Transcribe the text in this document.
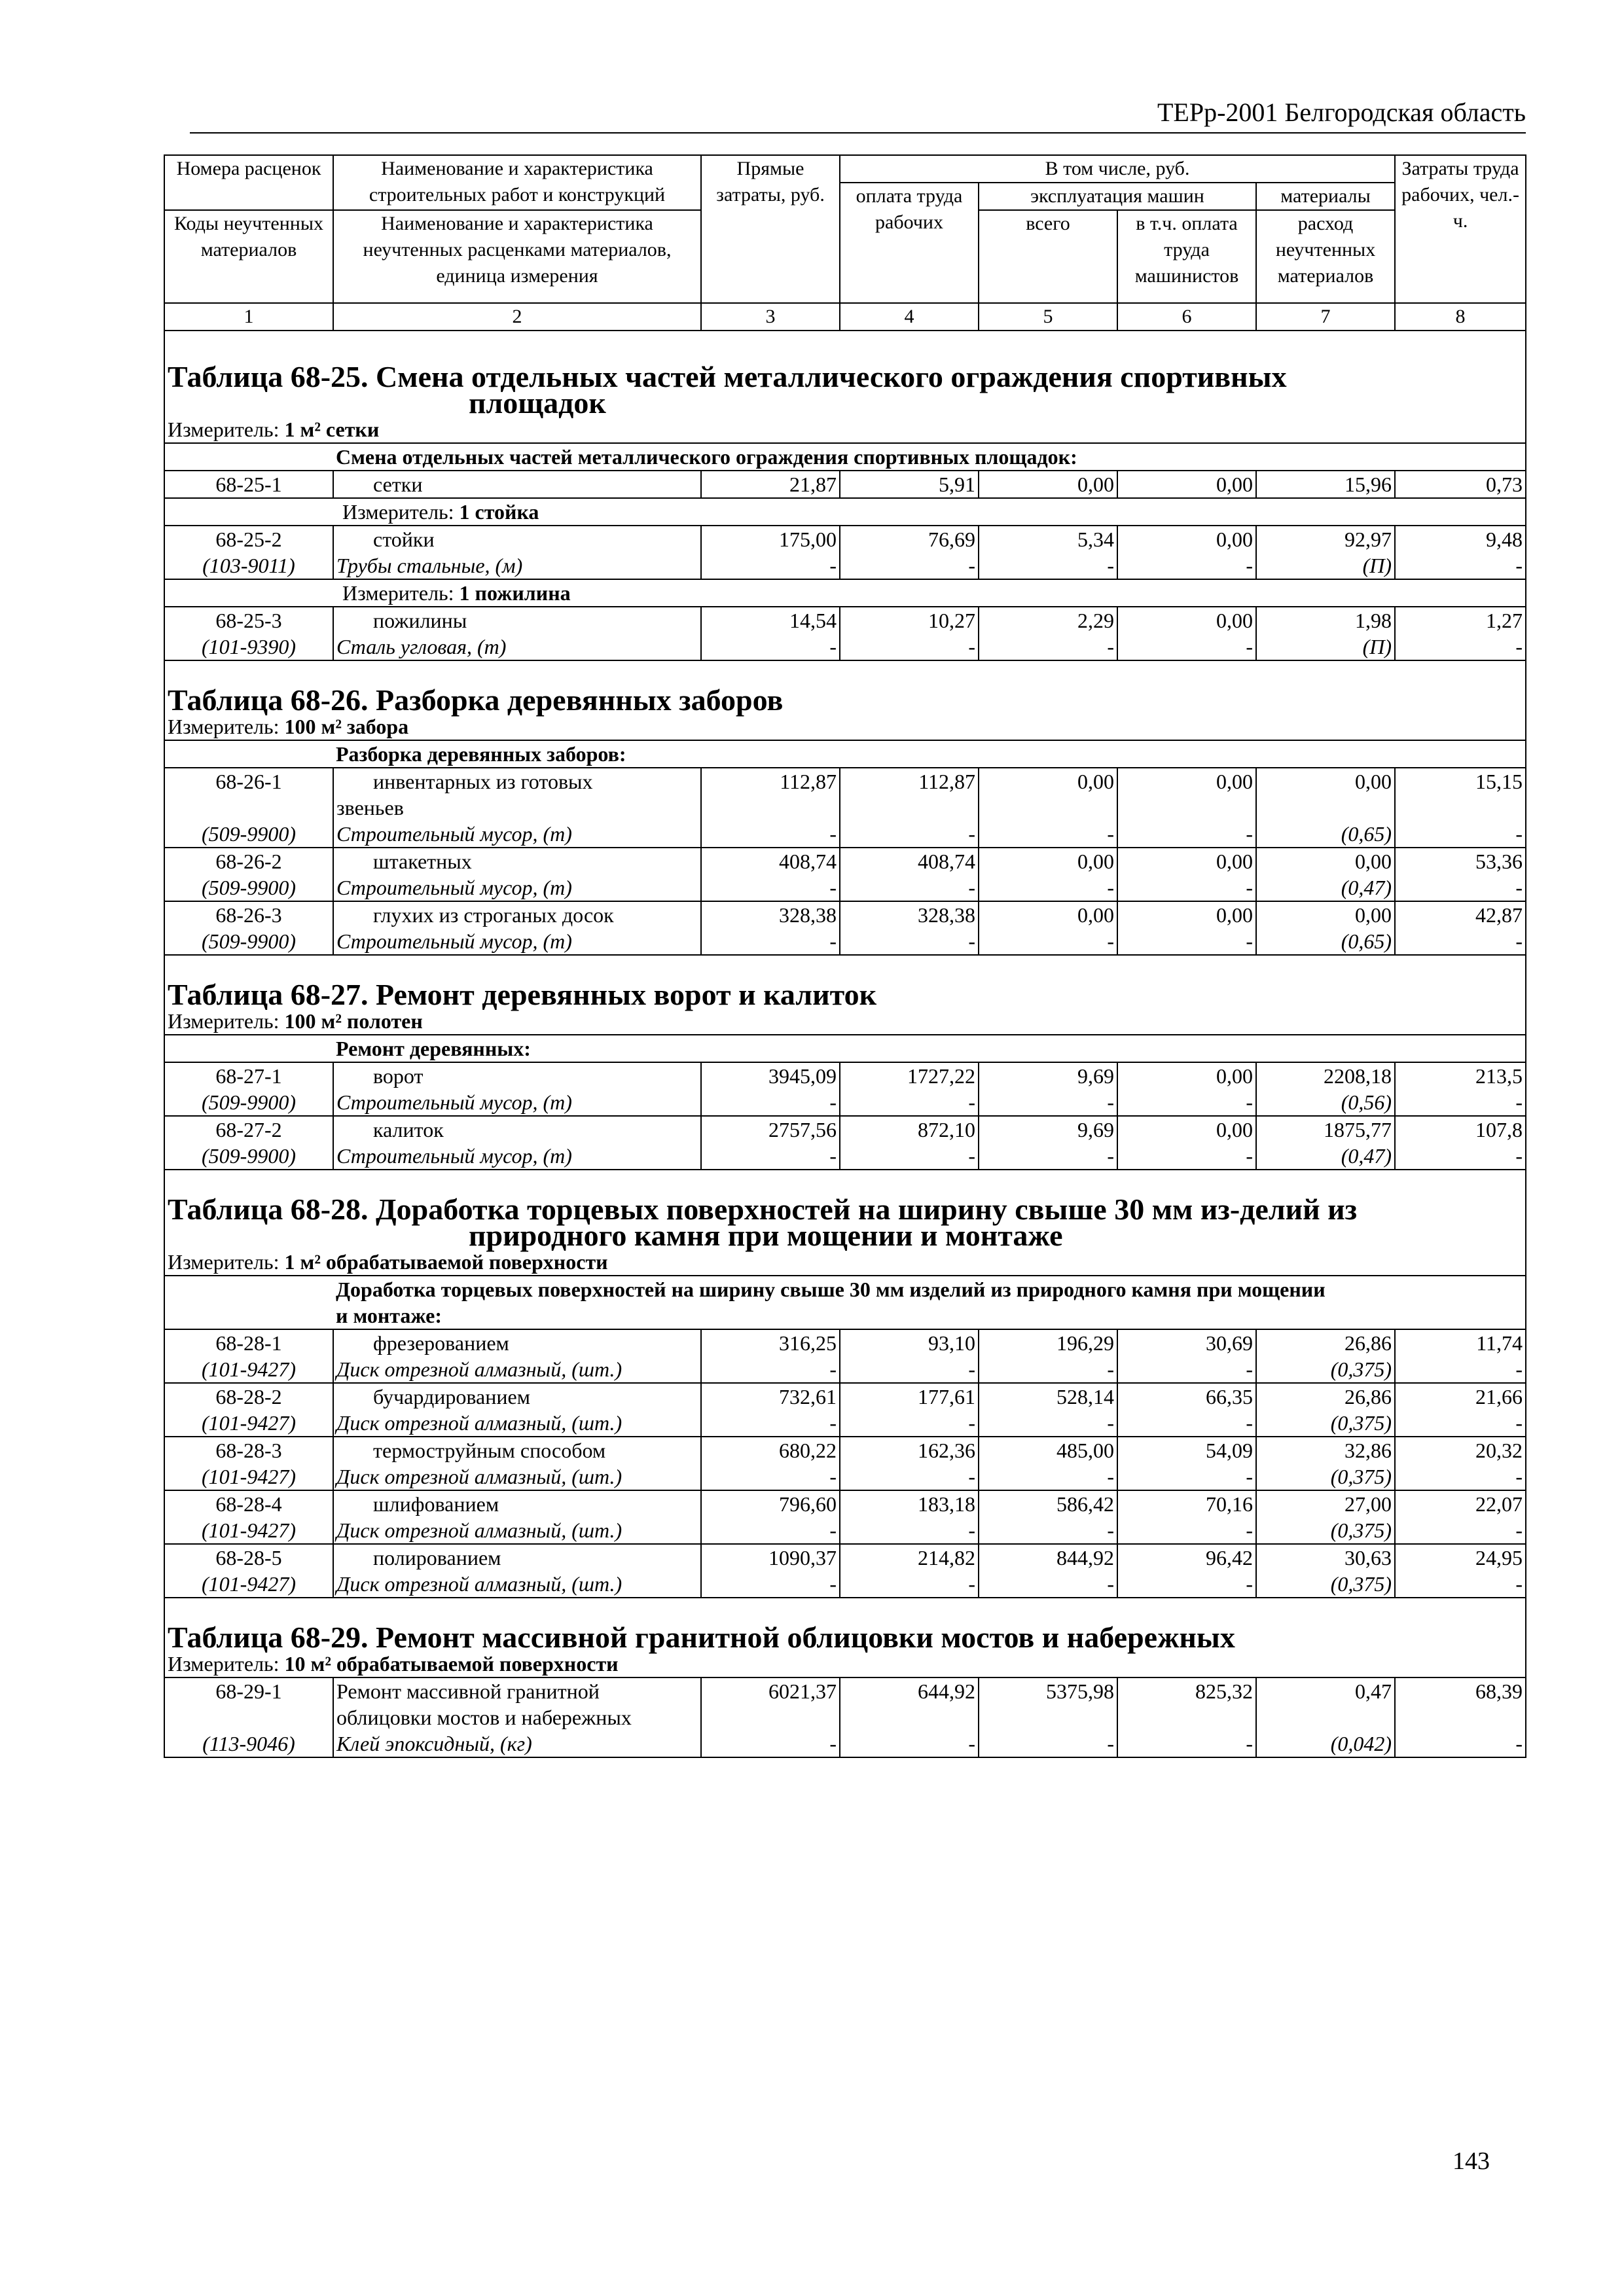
ТЕРр-2001 Белгородская область
Номера расценок	Наименование и характеристика строительных работ и конструкций	Прямые затраты, руб.	В том числе, руб.				Затраты труда рабочих, чел.-ч.
			оплата труда рабочих	эксплуатация машин		материалы	
Коды неучтенных материалов	Наименование и характеристика неучтенных расценками материалов, единица измерения			всего	в т.ч. оплата труда машинистов	расход неучтенных материалов	

1	2	3	4	5	6	7	8

Таблица 68-25. Смена отдельных частей металлического ограждения спортивных
площадок							

Измеритель: 1 м² сетки							
	Смена отдельных частей металлического ограждения спортивных площадок:						
68-25-1	сетки	21,87	5,91	0,00	0,00	15,96	0,73
	Измеритель: 1 стойка						
68-25-2	стойки	175,00	76,69	5,34	0,00	92,97	9,48
(103-9011)	Трубы стальные, (м)	-	-	-	-	(П)	-
	Измеритель: 1 пожилина						
68-25-3	пожилины	14,54	10,27	2,29	0,00	1,98	1,27
(101-9390)	Сталь угловая, (т)	-	-	-	-	(П)	-

Таблица 68-26. Разборка деревянных заборов							
Измеритель: 100 м² забора							
	Разборка деревянных заборов:						
68-26-1	инвентарных из готовых	112,87	112,87	0,00	0,00	0,00	15,15
	звеньев						
(509-9900)	Строительный мусор, (т)	-	-	-	-	(0,65)	-
68-26-2	штакетных	408,74	408,74	0,00	0,00	0,00	53,36
(509-9900)	Строительный мусор, (т)	-	-	-	-	(0,47)	-
68-26-3	глухих из строганых досок	328,38	328,38	0,00	0,00	0,00	42,87
(509-9900)	Строительный мусор, (т)	-	-	-	-	(0,65)	-

Таблица 68-27. Ремонт деревянных ворот и калиток							
Измеритель: 100 м² полотен							
	Ремонт деревянных:						
68-27-1	ворот	3945,09	1727,22	9,69	0,00	2208,18	213,5
(509-9900)	Строительный мусор, (т)	-	-	-	-	(0,56)	-
68-27-2	калиток	2757,56	872,10	9,69	0,00	1875,77	107,8
(509-9900)	Строительный мусор, (т)	-	-	-	-	(0,47)	-

Таблица 68-28. Доработка торцевых поверхностей на ширину свыше 30 мм из-делий из
природного камня при мощении и монтаже							

Измеритель: 1 м² обрабатываемой поверхности							
	Доработка торцевых поверхностей на ширину свыше 30 мм изделий из природного камня при мощении						
	и монтаже:						
68-28-1	фрезерованием	316,25	93,10	196,29	30,69	26,86	11,74
(101-9427)	Диск отрезной алмазный, (шт.)	-	-	-	-	(0,375)	-
68-28-2	бучардированием	732,61	177,61	528,14	66,35	26,86	21,66
(101-9427)	Диск отрезной алмазный, (шт.)	-	-	-	-	(0,375)	-
68-28-3	термоструйным способом	680,22	162,36	485,00	54,09	32,86	20,32
(101-9427)	Диск отрезной алмазный, (шт.)	-	-	-	-	(0,375)	-
68-28-4	шлифованием	796,60	183,18	586,42	70,16	27,00	22,07
(101-9427)	Диск отрезной алмазный, (шт.)	-	-	-	-	(0,375)	-
68-28-5	полированием	1090,37	214,82	844,92	96,42	30,63	24,95
(101-9427)	Диск отрезной алмазный, (шт.)	-	-	-	-	(0,375)	-

Таблица 68-29. Ремонт массивной гранитной облицовки мостов и набережных							
Измеритель: 10 м² обрабатываемой поверхности							
68-29-1	Ремонт массивной гранитной	6021,37	644,92	5375,98	825,32	0,47	68,39
	облицовки мостов и набережных						
(113-9046)	Клей эпоксидный, (кг)	-	-	-	-	(0,042)	-
143
